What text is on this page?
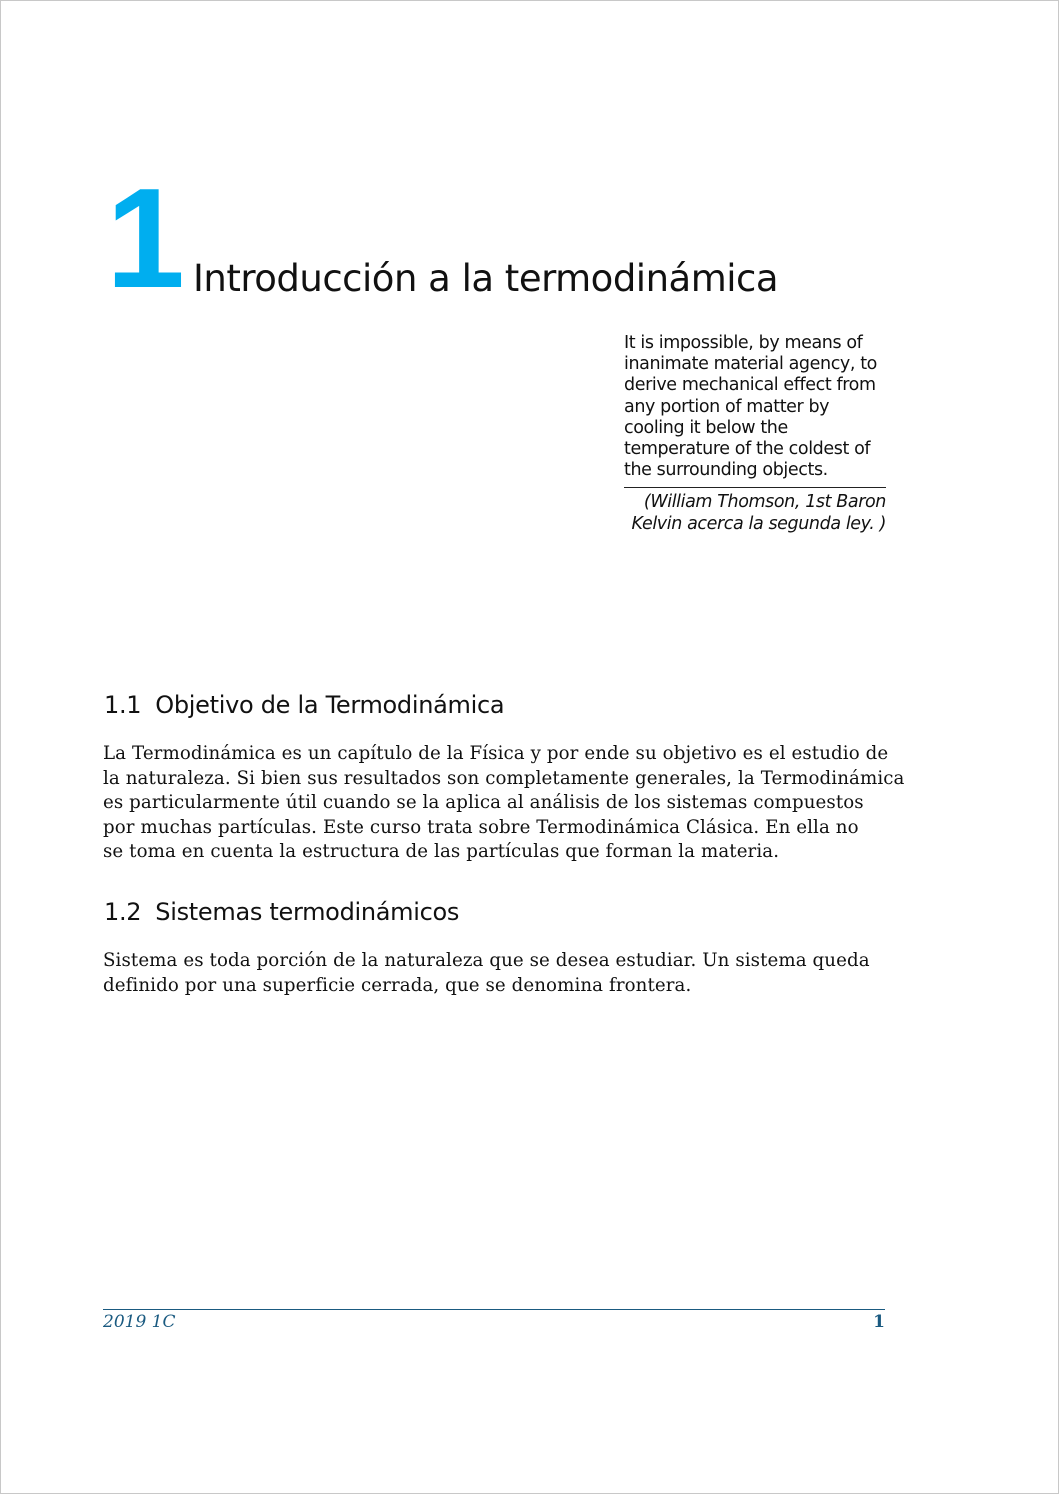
1 Introducción a la termodinámica

It is impossible, by means of inanimate material agency, to derive mechanical effect from any portion of matter by cooling it below the temperature of the coldest of the surrounding objects.

(William Thomson, 1st Baron Kelvin acerca la segunda ley. )
1.1 Objetivo de la Termodinámica
La Termodinámica es un capítulo de la Física y por ende su objetivo es el estudio de
la naturaleza. Si bien sus resultados son completamente generales, la Termodinámica
es particularmente útil cuando se la aplica al análisis de los sistemas compuestos
por muchas partículas. Este curso trata sobre Termodinámica Clásica. En ella no
se toma en cuenta la estructura de las partículas que forman la materia.
1.2 Sistemas termodinámicos
Sistema es toda porción de la naturaleza que se desea estudiar. Un sistema queda
definido por una superficie cerrada, que se denomina frontera.
2019 1C	1
